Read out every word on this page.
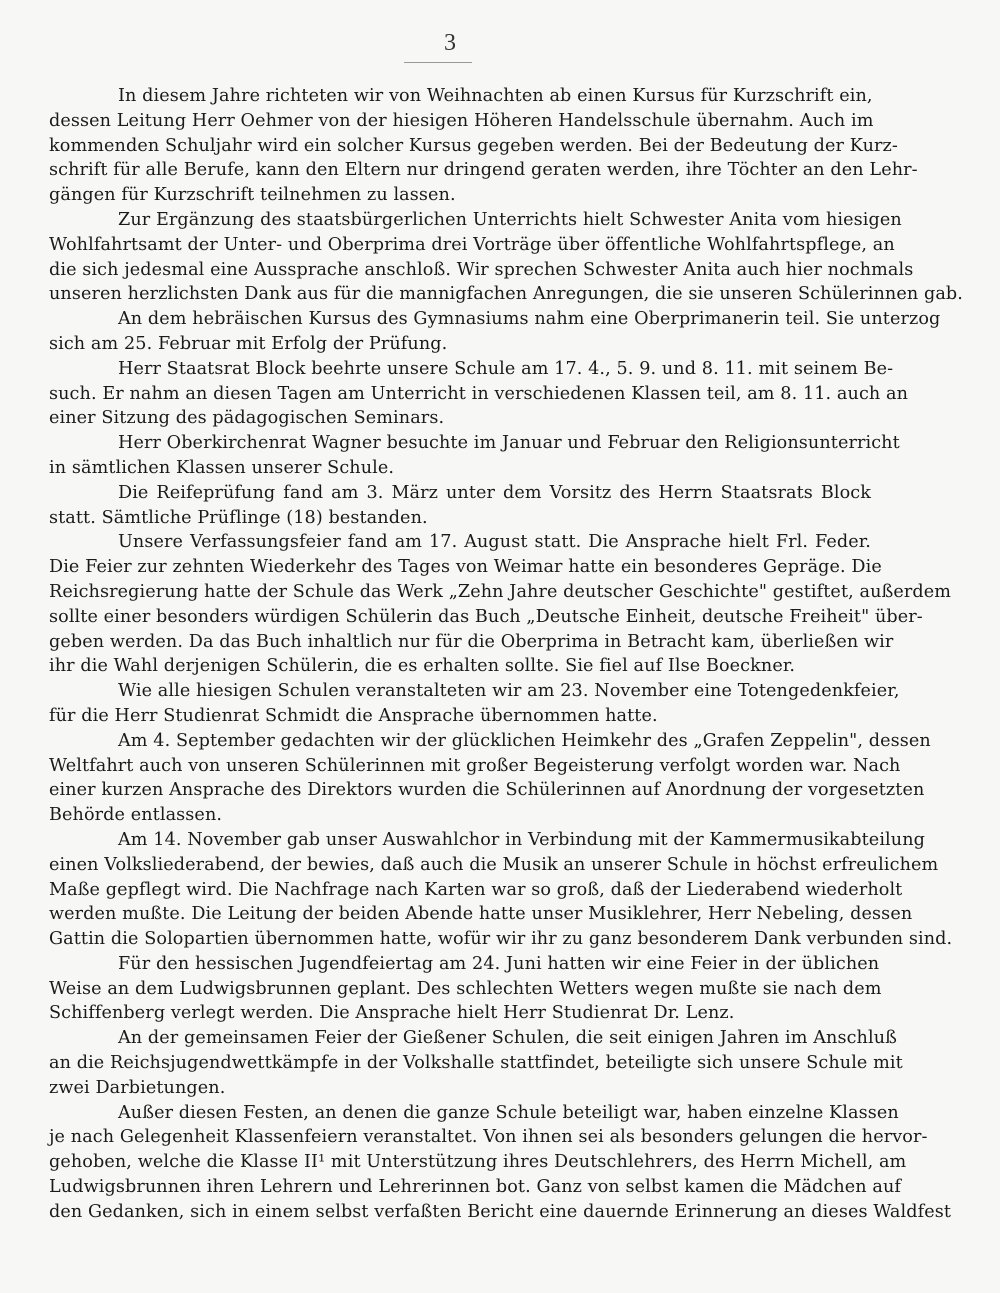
3
In diesem Jahre richteten wir von Weihnachten ab einen Kursus für Kurzschrift ein,
dessen Leitung Herr Oehmer von der hiesigen Höheren Handelsschule übernahm. Auch im
kommenden Schuljahr wird ein solcher Kursus gegeben werden. Bei der Bedeutung der Kurz-
schrift für alle Berufe, kann den Eltern nur dringend geraten werden, ihre Töchter an den Lehr-
gängen für Kurzschrift teilnehmen zu lassen.
Zur Ergänzung des staatsbürgerlichen Unterrichts hielt Schwester Anita vom hiesigen
Wohlfahrtsamt der Unter- und Oberprima drei Vorträge über öffentliche Wohlfahrtspflege, an
die sich jedesmal eine Aussprache anschloß. Wir sprechen Schwester Anita auch hier nochmals
unseren herzlichsten Dank aus für die mannigfachen Anregungen, die sie unseren Schülerinnen gab.
An dem hebräischen Kursus des Gymnasiums nahm eine Oberprimanerin teil. Sie unterzog
sich am 25. Februar mit Erfolg der Prüfung.
Herr Staatsrat Block beehrte unsere Schule am 17. 4., 5. 9. und 8. 11. mit seinem Be-
such. Er nahm an diesen Tagen am Unterricht in verschiedenen Klassen teil, am 8. 11. auch an
einer Sitzung des pädagogischen Seminars.
Herr Oberkirchenrat Wagner besuchte im Januar und Februar den Religionsunterricht
in sämtlichen Klassen unserer Schule.
Die Reifeprüfung fand am 3. März unter dem Vorsitz des Herrn Staatsrats Block
statt. Sämtliche Prüflinge (18) bestanden.
Unsere Verfassungsfeier fand am 17. August statt. Die Ansprache hielt Frl. Feder.
Die Feier zur zehnten Wiederkehr des Tages von Weimar hatte ein besonderes Gepräge. Die
Reichsregierung hatte der Schule das Werk „Zehn Jahre deutscher Geschichte" gestiftet, außerdem
sollte einer besonders würdigen Schülerin das Buch „Deutsche Einheit, deutsche Freiheit" über-
geben werden. Da das Buch inhaltlich nur für die Oberprima in Betracht kam, überließen wir
ihr die Wahl derjenigen Schülerin, die es erhalten sollte. Sie fiel auf Ilse Boeckner.
Wie alle hiesigen Schulen veranstalteten wir am 23. November eine Totengedenkfeier,
für die Herr Studienrat Schmidt die Ansprache übernommen hatte.
Am 4. September gedachten wir der glücklichen Heimkehr des „Grafen Zeppelin", dessen
Weltfahrt auch von unseren Schülerinnen mit großer Begeisterung verfolgt worden war. Nach
einer kurzen Ansprache des Direktors wurden die Schülerinnen auf Anordnung der vorgesetzten
Behörde entlassen.
Am 14. November gab unser Auswahlchor in Verbindung mit der Kammermusikabteilung
einen Volksliederabend, der bewies, daß auch die Musik an unserer Schule in höchst erfreulichem
Maße gepflegt wird. Die Nachfrage nach Karten war so groß, daß der Liederabend wiederholt
werden mußte. Die Leitung der beiden Abende hatte unser Musiklehrer, Herr Nebeling, dessen
Gattin die Solopartien übernommen hatte, wofür wir ihr zu ganz besonderem Dank verbunden sind.
Für den hessischen Jugendfeiertag am 24. Juni hatten wir eine Feier in der üblichen
Weise an dem Ludwigsbrunnen geplant. Des schlechten Wetters wegen mußte sie nach dem
Schiffenberg verlegt werden. Die Ansprache hielt Herr Studienrat Dr. Lenz.
An der gemeinsamen Feier der Gießener Schulen, die seit einigen Jahren im Anschluß
an die Reichsjugendwettkämpfe in der Volkshalle stattfindet, beteiligte sich unsere Schule mit
zwei Darbietungen.
Außer diesen Festen, an denen die ganze Schule beteiligt war, haben einzelne Klassen
je nach Gelegenheit Klassenfeiern veranstaltet. Von ihnen sei als besonders gelungen die hervor-
gehoben, welche die Klasse II¹ mit Unterstützung ihres Deutschlehrers, des Herrn Michell, am
Ludwigsbrunnen ihren Lehrern und Lehrerinnen bot. Ganz von selbst kamen die Mädchen auf
den Gedanken, sich in einem selbst verfaßten Bericht eine dauernde Erinnerung an dieses Waldfest
